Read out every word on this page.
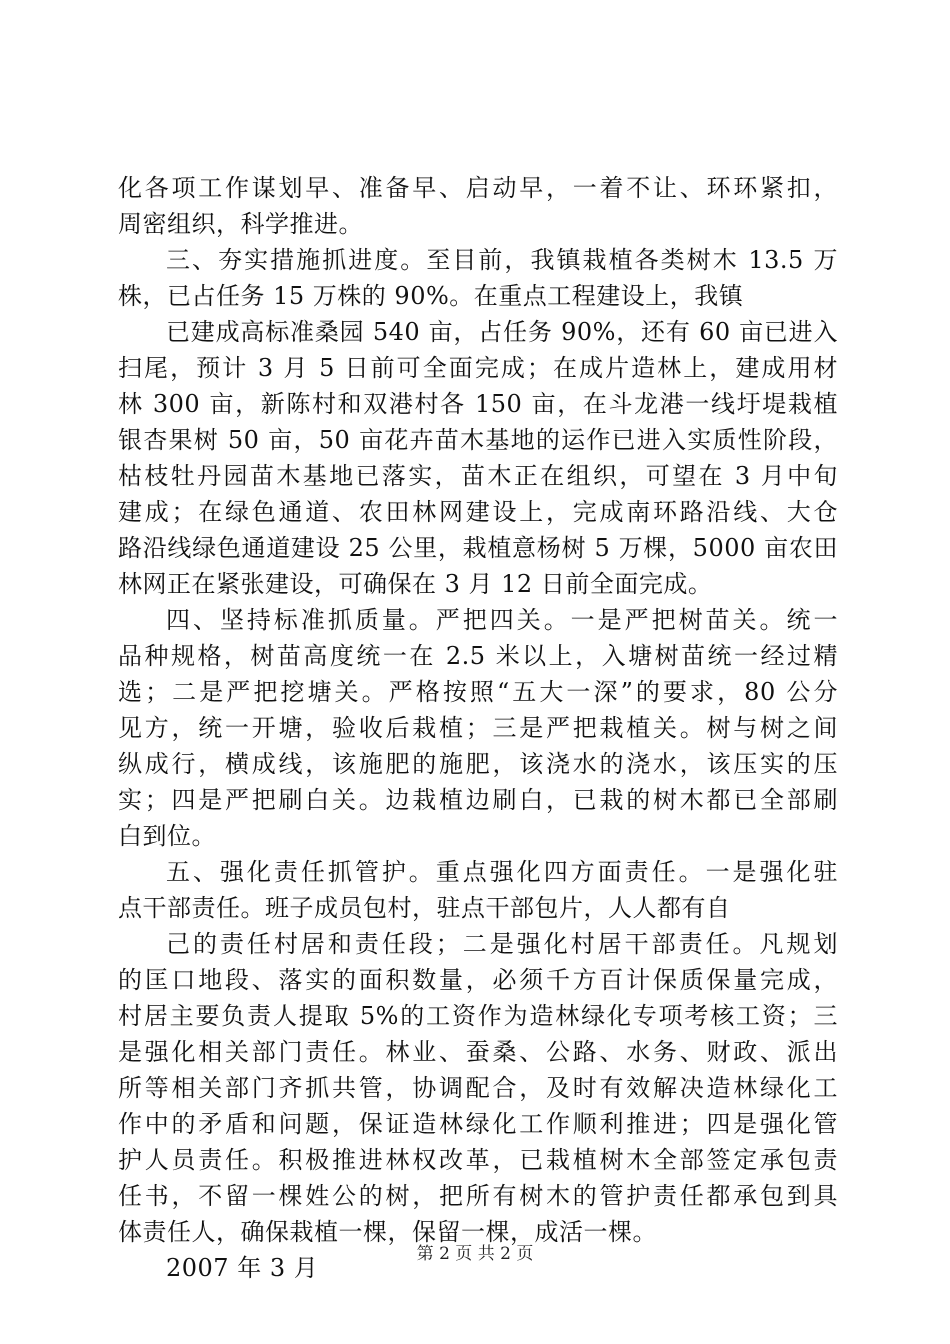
化各项工作谋划早、准备早、启动早，一着不让、环环紧扣，
周密组织，科学推进。
三、夯实措施抓进度。至目前，我镇栽植各类树木 13.5 万
株，已占任务 15 万株的 90%。在重点工程建设上，我镇
已建成高标准桑园 540 亩，占任务 90%，还有 60 亩已进入
扫尾，预计 3 月 5 日前可全面完成；在成片造林上，建成用材
林 300 亩，新陈村和双港村各 150 亩，在斗龙港一线圩堤栽植
银杏果树 50 亩，50 亩花卉苗木基地的运作已进入实质性阶段，
枯枝牡丹园苗木基地已落实，苗木正在组织，可望在 3 月中旬
建成；在绿色通道、农田林网建设上，完成南环路沿线、大仓
路沿线绿色通道建设 25 公里，栽植意杨树 5 万棵，5000 亩农田
林网正在紧张建设，可确保在 3 月 12 日前全面完成。
四、坚持标准抓质量。严把四关。一是严把树苗关。统一
品种规格，树苗高度统一在 2.5 米以上，入塘树苗统一经过精
选；二是严把挖塘关。严格按照“五大一深”的要求，80 公分
见方，统一开塘，验收后栽植；三是严把栽植关。树与树之间
纵成行，横成线，该施肥的施肥，该浇水的浇水，该压实的压
实；四是严把刷白关。边栽植边刷白，已栽的树木都已全部刷
白到位。
五、强化责任抓管护。重点强化四方面责任。一是强化驻
点干部责任。班子成员包村，驻点干部包片，人人都有自
己的责任村居和责任段；二是强化村居干部责任。凡规划
的匡口地段、落实的面积数量，必须千方百计保质保量完成，
村居主要负责人提取 5%的工资作为造林绿化专项考核工资；三
是强化相关部门责任。林业、蚕桑、公路、水务、财政、派出
所等相关部门齐抓共管，协调配合，及时有效解决造林绿化工
作中的矛盾和问题，保证造林绿化工作顺利推进；四是强化管
护人员责任。积极推进林权改革，已栽植树木全部签定承包责
任书，不留一棵姓公的树，把所有树木的管护责任都承包到具
体责任人，确保栽植一棵，保留一棵，成活一棵。
2007 年 3 月	第 2 页 共 2 页
